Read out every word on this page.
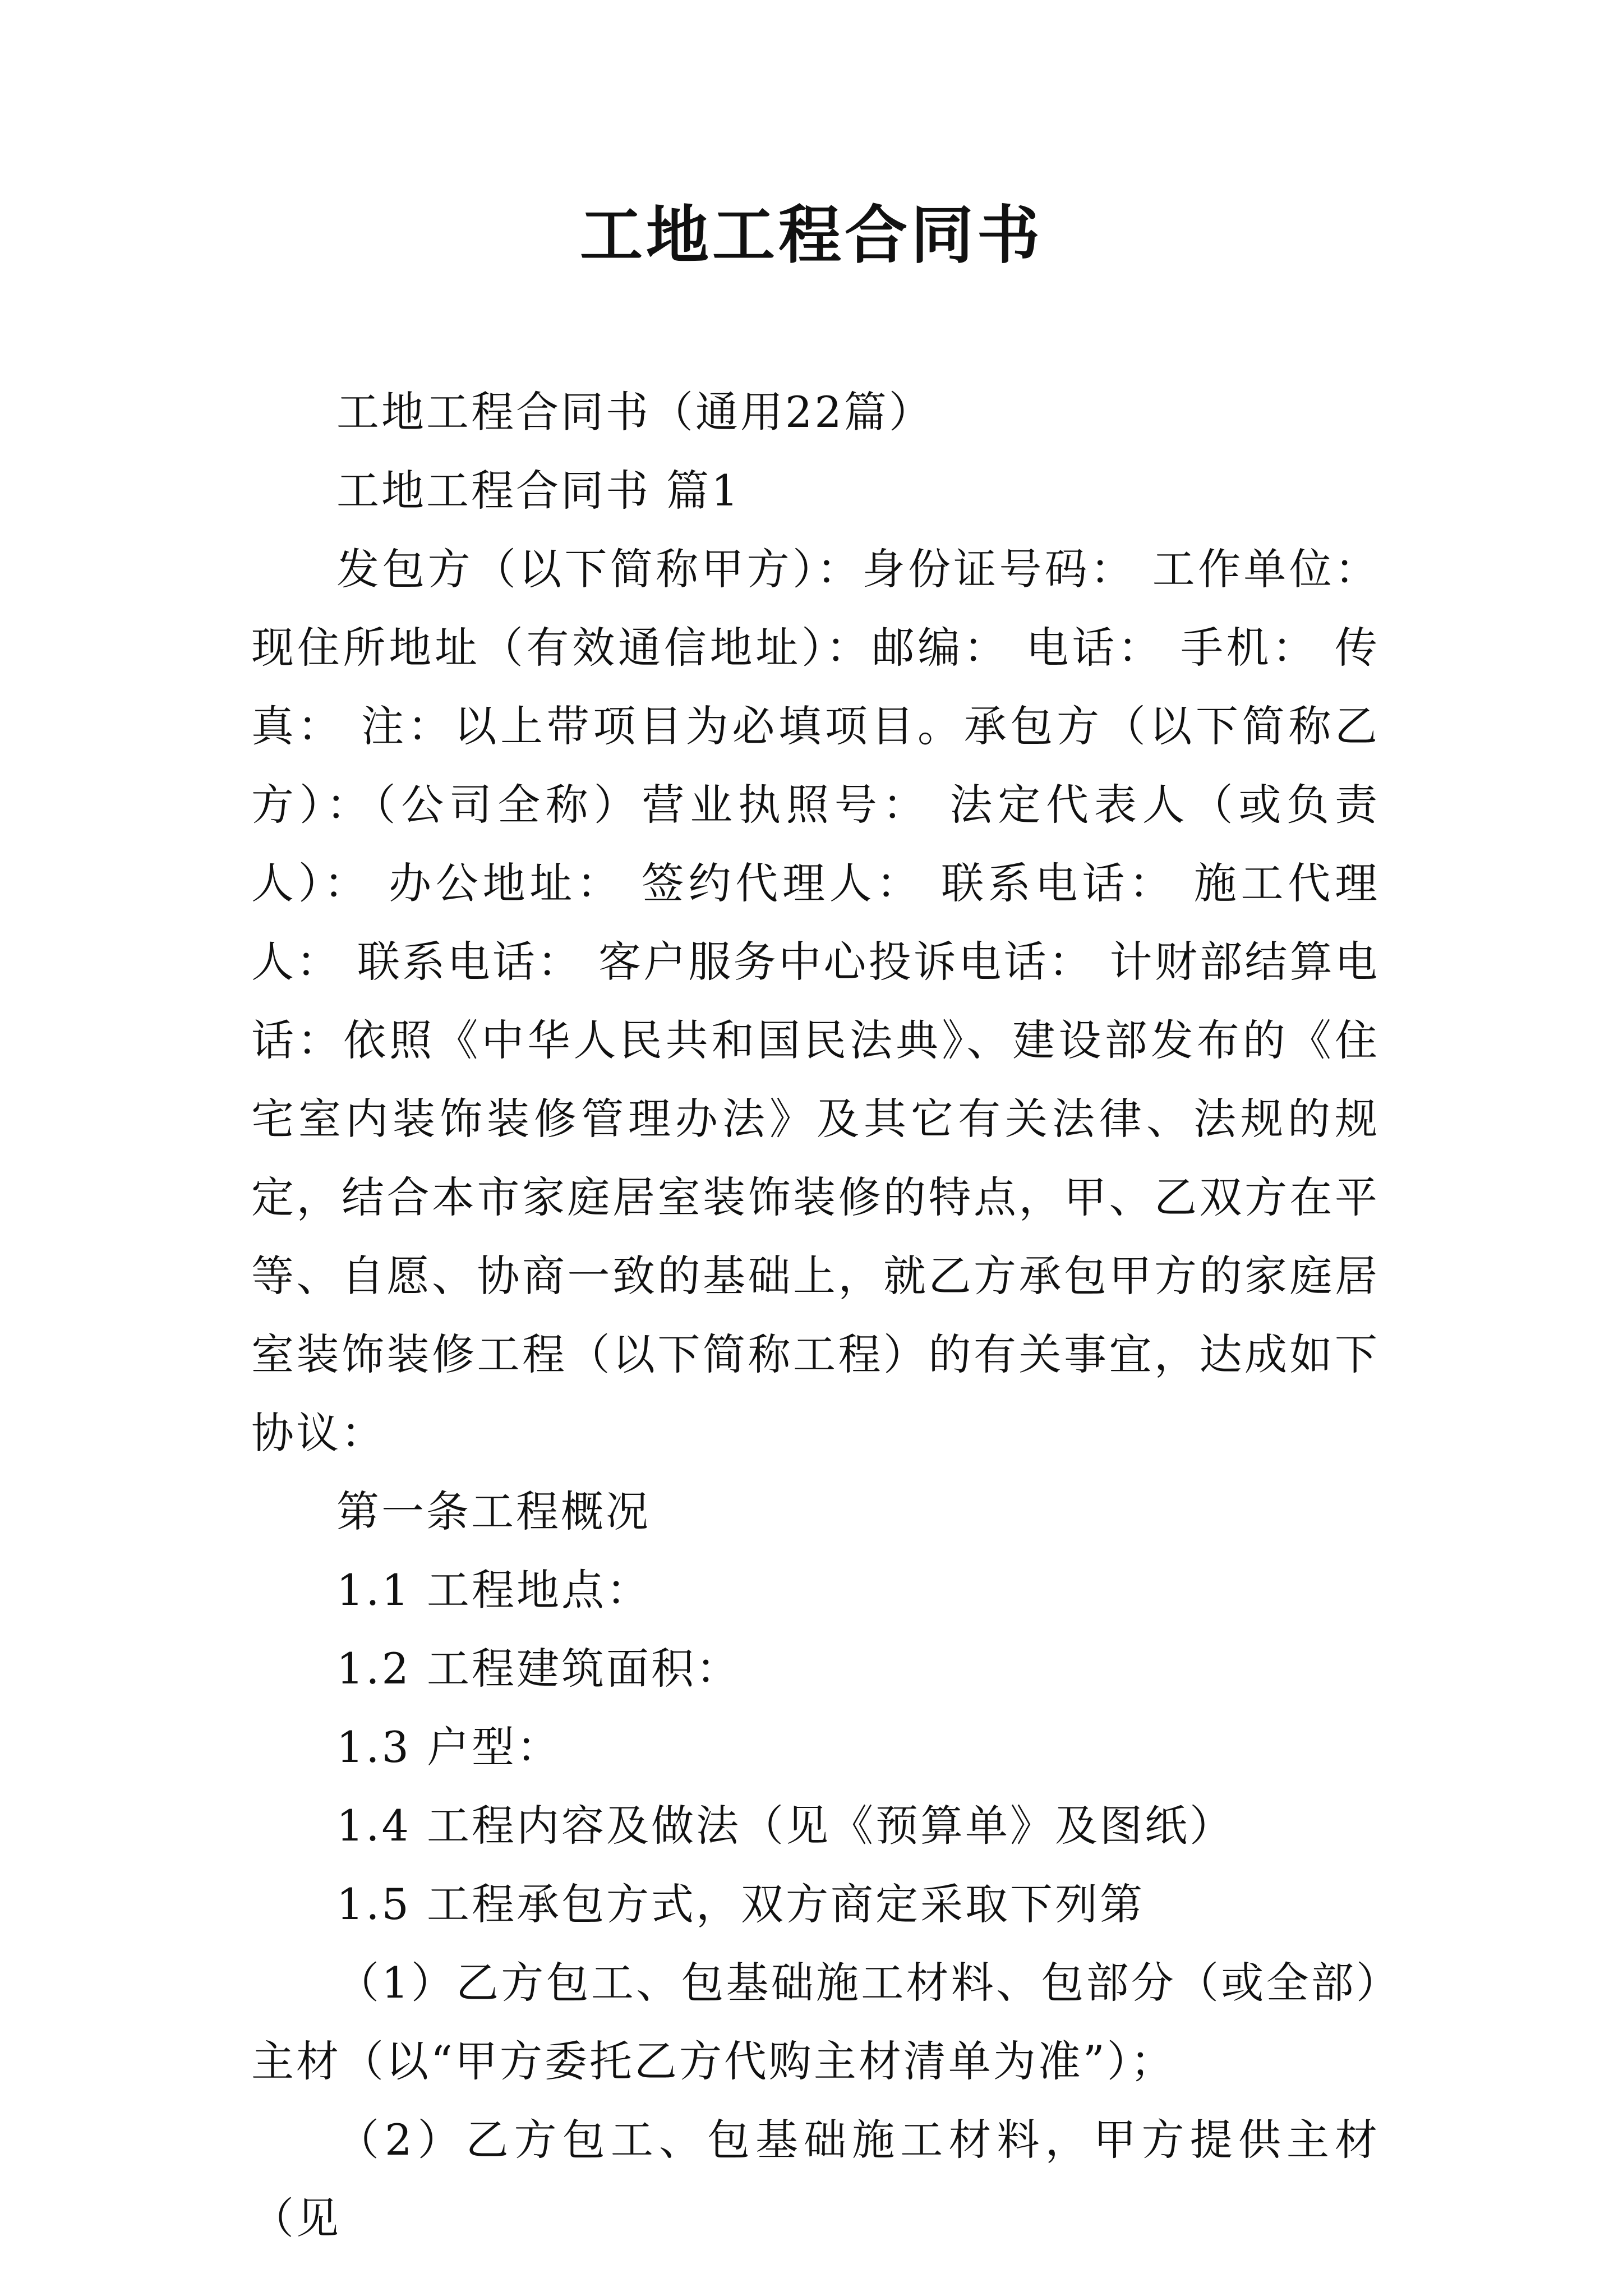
工地工程合同书

工地工程合同书（通用22篇）

工地工程合同书 篇1

发包方（以下简称甲方）：身份证号码： 工作单位： 现住所地址（有效通信地址）：邮编： 电话： 手机： 传真： 注：以上带项目为必填项目。承包方（以下简称乙方）：（公司全称）营业执照号： 法定代表人（或负责人）： 办公地址： 签约代理人： 联系电话： 施工代理人： 联系电话： 客户服务中心投诉电话： 计财部结算电话：依照《中华人民共和国民法典》、建设部发布的《住宅室内装饰装修管理办法》及其它有关法律、法规的规定，结合本市家庭居室装饰装修的特点，甲、乙双方在平等、自愿、协商一致的基础上，就乙方承包甲方的家庭居室装饰装修工程（以下简称工程）的有关事宜，达成如下协议：

第一条工程概况

1.1 工程地点：

1.2 工程建筑面积：

1.3 户型：

1.4 工程内容及做法（见《预算单》及图纸）

1.5 工程承包方式，双方商定采取下列第

（1）乙方包工、包基础施工材料、包部分（或全部）主材（以“甲方委托乙方代购主材清单为准”）；

（2）乙方包工、包基础施工材料，甲方提供主材（见
